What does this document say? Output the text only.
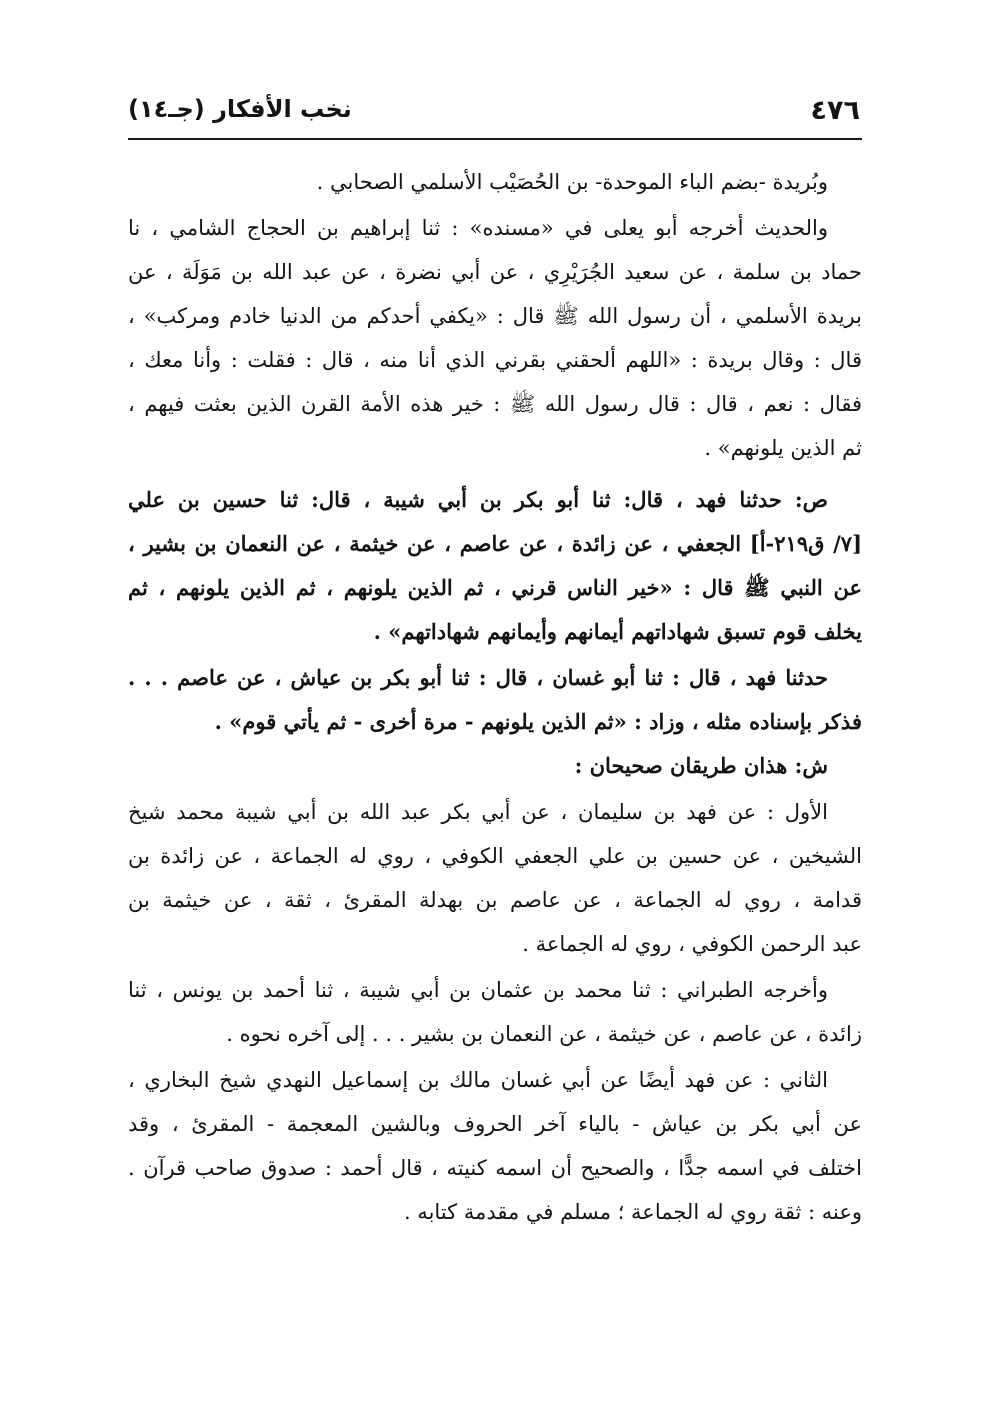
٤٧٦
نخب الأفكار (جـ١٤)
وبُريدة -بضم الباء الموحدة- بن الحُصَيْب الأسلمي الصحابي .
والحديث أخرجه أبو يعلى في «مسنده» : ثنا إبراهيم بن الحجاج الشامي ، نا
حماد بن سلمة ، عن سعيد الجُرَيْرِي ، عن أبي نضرة ، عن عبد الله بن مَوَلَة ، عن
بريدة الأسلمي ، أن رسول الله ﷺ قال : «يكفي أحدكم من الدنيا خادم ومركب» ،
قال : وقال بريدة : «اللهم ألحقني بقرني الذي أنا منه ، قال : فقلت : وأنا معك ،
فقال : نعم ، قال : قال رسول الله ﷺ : خير هذه الأمة القرن الذين بعثت فيهم ،
ثم الذين يلونهم» .
ص: حدثنا فهد ، قال: ثنا أبو بكر بن أبي شيبة ، قال: ثنا حسين بن علي
[٧/ ق٢١٩-أ] الجعفي ، عن زائدة ، عن عاصم ، عن خيثمة ، عن النعمان بن بشير ،
عن النبي ﷺ قال : «خير الناس قرني ، ثم الذين يلونهم ، ثم الذين يلونهم ، ثم
يخلف قوم تسبق شهاداتهم أيمانهم وأيمانهم شهاداتهم» .
حدثنا فهد ، قال : ثنا أبو غسان ، قال : ثنا أبو بكر بن عياش ، عن عاصم . . .
فذكر بإسناده مثله ، وزاد : «ثم الذين يلونهم - مرة أخرى - ثم يأتي قوم» .
ش: هذان طريقان صحيحان :
الأول : عن فهد بن سليمان ، عن أبي بكر عبد الله بن أبي شيبة محمد شيخ
الشيخين ، عن حسين بن علي الجعفي الكوفي ، روي له الجماعة ، عن زائدة بن
قدامة ، روي له الجماعة ، عن عاصم بن بهدلة المقرئ ، ثقة ، عن خيثمة بن
عبد الرحمن الكوفي ، روي له الجماعة .
وأخرجه الطبراني : ثنا محمد بن عثمان بن أبي شيبة ، ثنا أحمد بن يونس ، ثنا
زائدة ، عن عاصم ، عن خيثمة ، عن النعمان بن بشير . . . إلى آخره نحوه .
الثاني : عن فهد أيضًا عن أبي غسان مالك بن إسماعيل النهدي شيخ البخاري ،
عن أبي بكر بن عياش - بالياء آخر الحروف وبالشين المعجمة - المقرئ ، وقد
اختلف في اسمه جدًّا ، والصحيح أن اسمه كنيته ، قال أحمد : صدوق صاحب قرآن .
وعنه : ثقة روي له الجماعة ؛ مسلم في مقدمة كتابه .
